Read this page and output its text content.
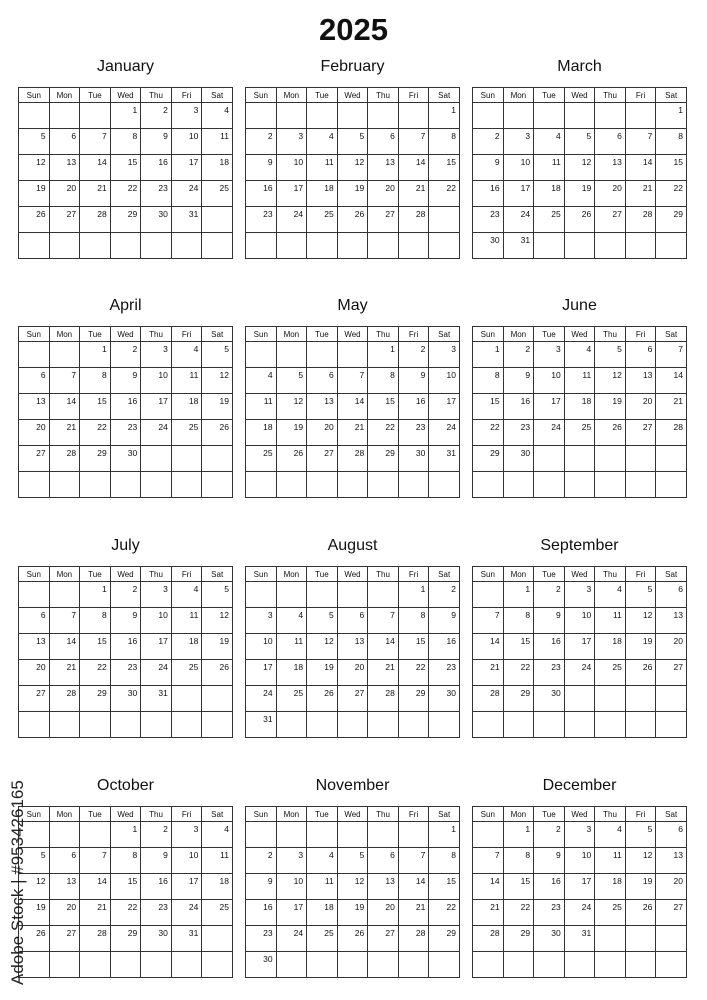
2025
January
Sun	Mon	Tue	Wed	Thu	Fri	Sat
			1	2	3	4
5	6	7	8	9	10	11
12	13	14	15	16	17	18
19	20	21	22	23	24	25
26	27	28	29	30	31	

February
Sun	Mon	Tue	Wed	Thu	Fri	Sat
						1
2	3	4	5	6	7	8
9	10	11	12	13	14	15
16	17	18	19	20	21	22
23	24	25	26	27	28	

March
Sun	Mon	Tue	Wed	Thu	Fri	Sat
						1
2	3	4	5	6	7	8
9	10	11	12	13	14	15
16	17	18	19	20	21	22
23	24	25	26	27	28	29
30	31					
April
Sun	Mon	Tue	Wed	Thu	Fri	Sat
		1	2	3	4	5
6	7	8	9	10	11	12
13	14	15	16	17	18	19
20	21	22	23	24	25	26
27	28	29	30			

May
Sun	Mon	Tue	Wed	Thu	Fri	Sat
				1	2	3
4	5	6	7	8	9	10
11	12	13	14	15	16	17
18	19	20	21	22	23	24
25	26	27	28	29	30	31

June
Sun	Mon	Tue	Wed	Thu	Fri	Sat
1	2	3	4	5	6	7
8	9	10	11	12	13	14
15	16	17	18	19	20	21
22	23	24	25	26	27	28
29	30					

July
Sun	Mon	Tue	Wed	Thu	Fri	Sat
		1	2	3	4	5
6	7	8	9	10	11	12
13	14	15	16	17	18	19
20	21	22	23	24	25	26
27	28	29	30	31		

August
Sun	Mon	Tue	Wed	Thu	Fri	Sat
					1	2
3	4	5	6	7	8	9
10	11	12	13	14	15	16
17	18	19	20	21	22	23
24	25	26	27	28	29	30
31						
September
Sun	Mon	Tue	Wed	Thu	Fri	Sat
	1	2	3	4	5	6
7	8	9	10	11	12	13
14	15	16	17	18	19	20
21	22	23	24	25	26	27
28	29	30				

October
Sun	Mon	Tue	Wed	Thu	Fri	Sat
			1	2	3	4
5	6	7	8	9	10	11
12	13	14	15	16	17	18
19	20	21	22	23	24	25
26	27	28	29	30	31	

November
Sun	Mon	Tue	Wed	Thu	Fri	Sat
						1
2	3	4	5	6	7	8
9	10	11	12	13	14	15
16	17	18	19	20	21	22
23	24	25	26	27	28	29
30						
December
Sun	Mon	Tue	Wed	Thu	Fri	Sat
	1	2	3	4	5	6
7	8	9	10	11	12	13
14	15	16	17	18	19	20
21	22	23	24	25	26	27
28	29	30	31			

Adobe Stock | #953426165
